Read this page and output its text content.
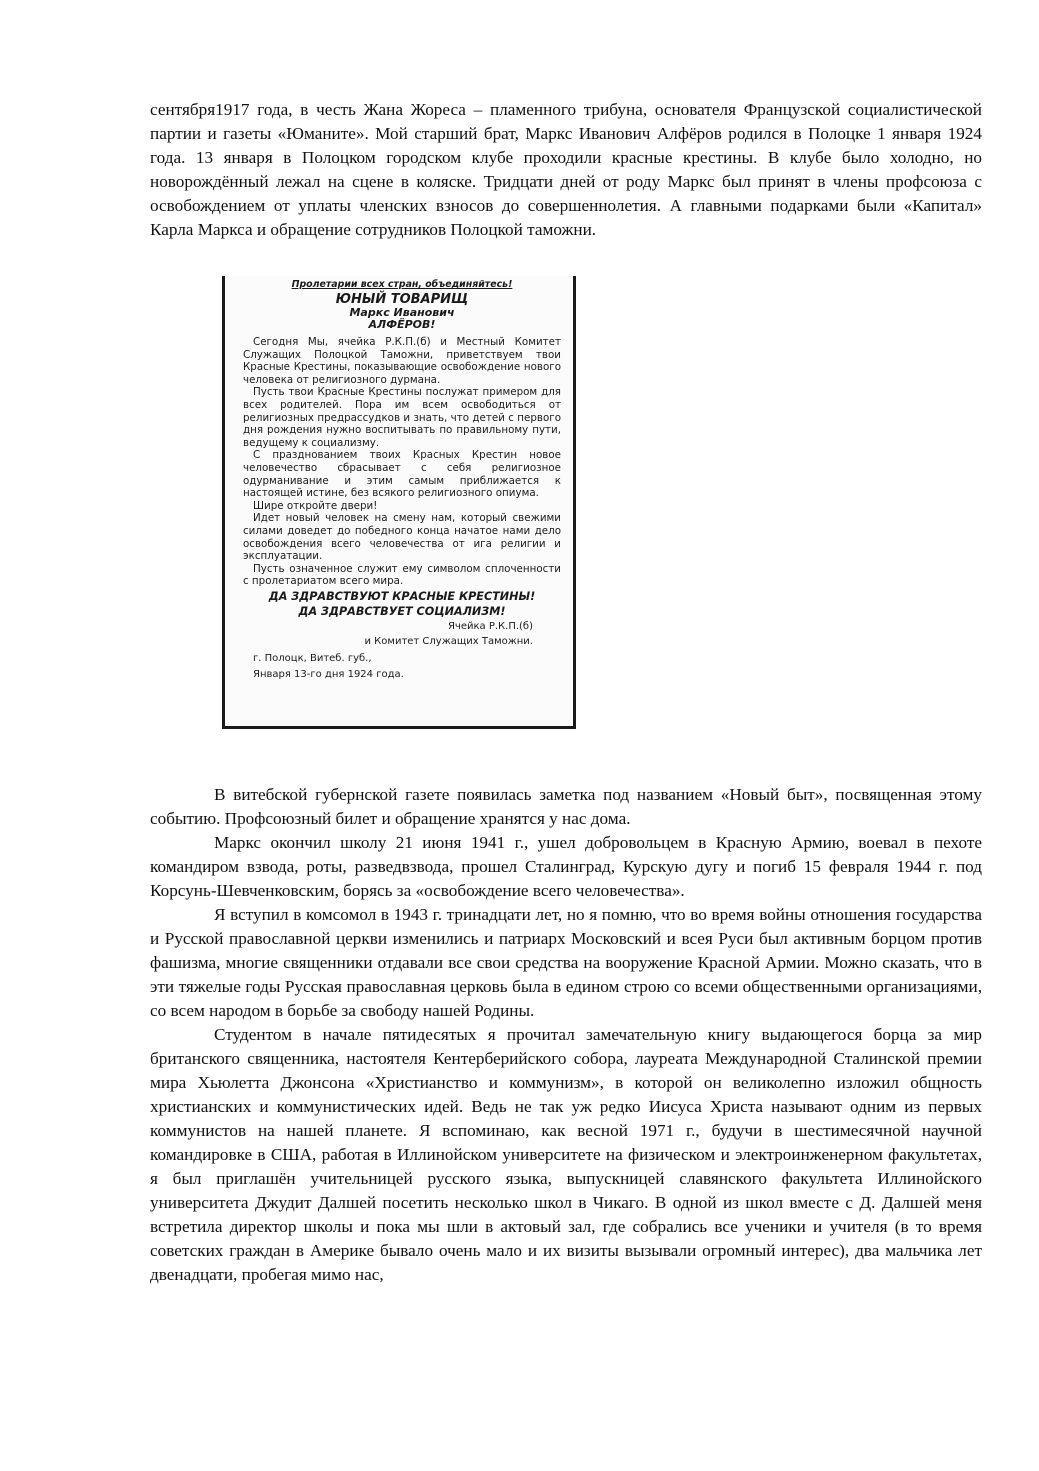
сентября1917 года, в честь Жана Жореса – пламенного трибуна, основателя Французской социалистической партии и газеты «Юманите». Мой старший брат, Маркс Иванович Алфёров родился в Полоцке 1 января 1924 года. 13 января в Полоцком городском клубе проходили красные крестины. В клубе было холодно, но новорождённый лежал на сцене в коляске. Тридцати дней от роду Маркс был принят в члены профсоюза с освобождением от уплаты членских взносов до совершеннолетия. А главными подарками были «Капитал» Карла Маркса и обращение сотрудников Полоцкой таможни.

Пролетарии всех стран, объединяйтесь!
ЮНЫЙ ТОВАРИЩ
Маркс Иванович
АЛФЁРОВ!

Сегодня Мы, ячейка Р.К.П.(б) и Местный Комитет Служащих Полоцкой Таможни, приветствуем твои Красные Крестины, показывающие освобождение нового человека от религиозного дурмана.

Пусть твои Красные Крестины послужат примером для всех родителей. Пора им всем освободиться от религиозных предрассудков и знать, что детей с первого дня рождения нужно воспитывать по правильному пути, ведущему к социализму.

С празднованием твоих Красных Крестин новое человечество сбрасывает с себя религиозное одурманивание и этим самым приближается к настоящей истине, без всякого религиозного опиума.

Шире откройте двери!

Идет новый человек на смену нам, который свежими силами доведет до победного конца начатое нами дело освобождения всего человечества от ига религии и эксплуатации.

Пусть означенное служит ему символом сплоченности с пролетариатом всего мира.

ДА ЗДРАВСТВУЮТ КРАСНЫЕ КРЕСТИНЫ!
ДА ЗДРАВСТВУЕТ СОЦИАЛИЗМ!
Ячейка Р.К.П.(б)
и Комитет Служащих Таможни.
г. Полоцк, Витеб. губ.,
Января 13-го дня 1924 года.

В витебской губернской газете появилась заметка под названием «Новый быт», посвященная этому событию. Профсоюзный билет и обращение хранятся у нас дома.

Маркс окончил школу 21 июня 1941 г., ушел добровольцем в Красную Армию, воевал в пехоте командиром взвода, роты, разведвзвода, прошел Сталинград, Курскую дугу и погиб 15 февраля 1944 г. под Корсунь-Шевченковским, борясь за «освобождение всего человечества».

Я вступил в комсомол в 1943 г. тринадцати лет, но я помню, что во время войны отношения государства и Русской православной церкви изменились и патриарх Московский и всея Руси был активным борцом против фашизма, многие священники отдавали все свои средства на вооружение Красной Армии. Можно сказать, что в эти тяжелые годы Русская православная церковь была в едином строю со всеми общественными организациями, со всем народом в борьбе за свободу нашей Родины.

Студентом в начале пятидесятых я прочитал замечательную книгу выдающегося борца за мир британского священника, настоятеля Кентерберийского собора, лауреата Международной Сталинской премии мира Хьюлетта Джонсона «Христианство и коммунизм», в которой он великолепно изложил общность христианских и коммунистических идей. Ведь не так уж редко Иисуса Христа называют одним из первых коммунистов на нашей планете. Я вспоминаю, как весной 1971 г., будучи в шестимесячной научной командировке в США, работая в Иллинойском университете на физическом и электроинженерном факультетах, я был приглашён учительницей русского языка, выпускницей славянского факультета Иллинойского университета Джудит Далшей посетить несколько школ в Чикаго. В одной из школ вместе с Д. Далшей меня встретила директор школы и пока мы шли в актовый зал, где собрались все ученики и учителя (в то время советских граждан в Америке бывало очень мало и их визиты вызывали огромный интерес), два мальчика лет двенадцати, пробегая мимо нас,
